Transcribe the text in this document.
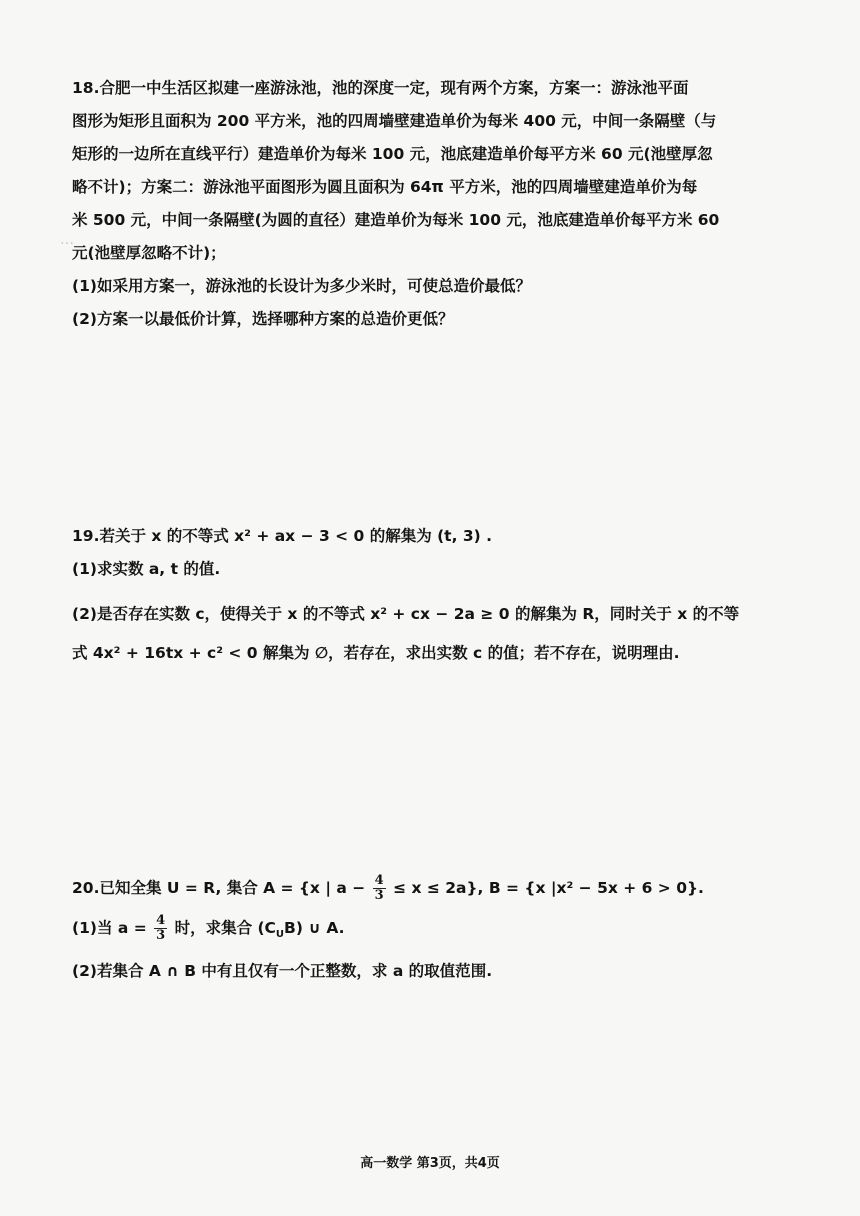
…
18.合肥一中生活区拟建一座游泳池，池的深度一定，现有两个方案，方案一：游泳池平面
图形为矩形且面积为 200 平方米，池的四周墙壁建造单价为每米 400 元，中间一条隔壁（与
矩形的一边所在直线平行）建造单价为每米 100 元，池底建造单价每平方米 60 元(池壁厚忽
略不计)；方案二：游泳池平面图形为圆且面积为 64π 平方米，池的四周墙壁建造单价为每
米 500 元，中间一条隔壁(为圆的直径）建造单价为每米 100 元，池底建造单价每平方米 60
元(池壁厚忽略不计)；
(1)如采用方案一，游泳池的长设计为多少米时，可使总造价最低？
(2)方案一以最低价计算，选择哪种方案的总造价更低？
19.若关于 x 的不等式 x² + ax − 3 < 0 的解集为 (t, 3) .
(1)求实数 a, t 的值.
(2)是否存在实数 c，使得关于 x 的不等式 x² + cx − 2a ≥ 0 的解集为 R，同时关于 x 的不等
式 4x² + 16tx + c² < 0 解集为 ∅，若存在，求出实数 c 的值；若不存在，说明理由.
20.已知全集 U = R, 集合 A = {x | $a - \frac{4}{3} \le x \le 2a$}, B = {x |x² − 5x + 6 > 0}.
(1)当 $a = \frac{4}{3}$ 时，求集合 $(C_UB)$ ∪ A.
(2)若集合 A ∩ B 中有且仅有一个正整数，求 a 的取值范围.
高一数学 第3页，共4页
